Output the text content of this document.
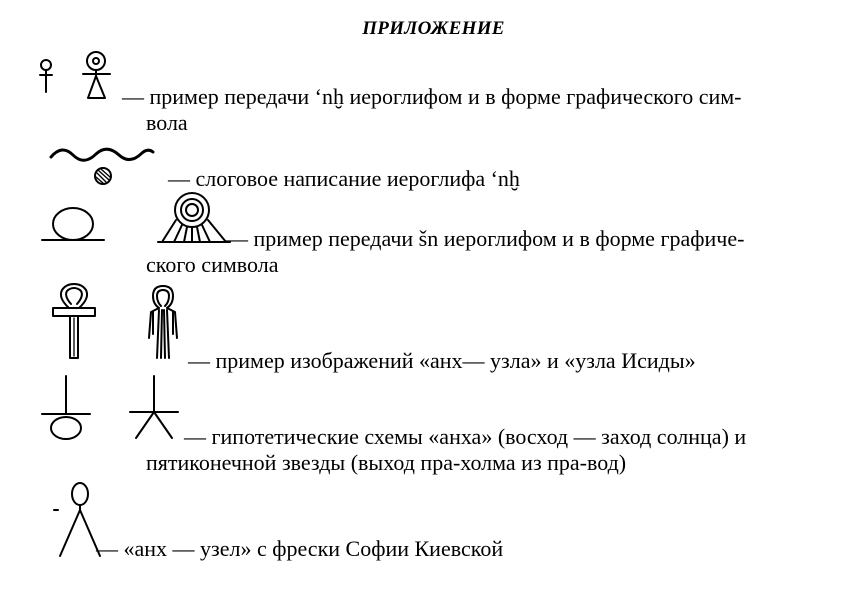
ПРИЛОЖЕНИЕ
— пример передачи ‘nḫ иероглифом и в форме графического сим-
вола
— слоговое написание иероглифа ‘nḫ
— пример передачи šn иероглифом и в форме графиче-
ского символа
— пример изображений «анх— узла» и «узла Исиды»
— гипотетические схемы «анха» (восход — заход солнца) и
пятиконечной звезды (выход пра-холма из пра-вод)
— «анх — узел» с фрески Софии Киевской
